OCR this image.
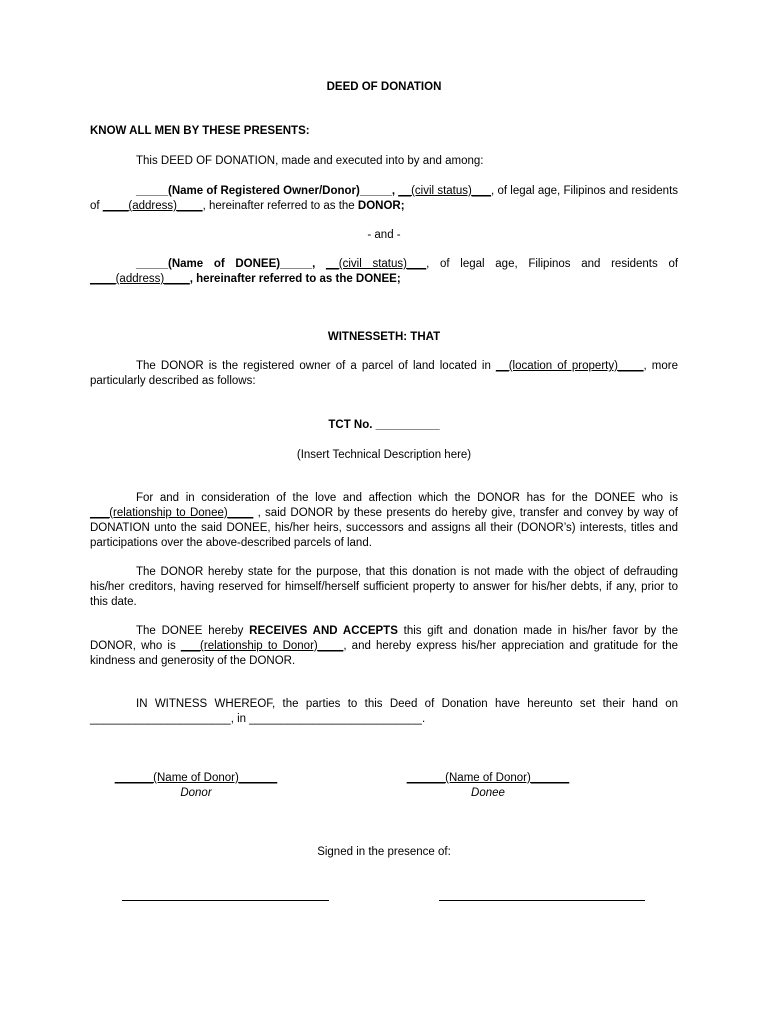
DEED OF DONATION
KNOW ALL MEN BY THESE PRESENTS:
This DEED OF DONATION, made and executed into by and among:
_____(Name of Registered Owner/Donor)_____, __(civil status)___, of legal age, Filipinos and residents of ____(address)____, hereinafter referred to as the DONOR;
- and -
_____(Name of DONEE)_____, __(civil status)___, of legal age, Filipinos and residents of ____(address)____, hereinafter referred to as the DONEE;
WITNESSETH: THAT
The DONOR is the registered owner of a parcel of land located in __(location of property)____, more particularly described as follows:
TCT No. __________
(Insert Technical Description here)
For and in consideration of the love and affection which the DONOR has for the DONEE who is ___(relationship to Donee)____ , said DONOR by these presents do hereby give, transfer and convey by way of DONATION unto the said DONEE, his/her heirs, successors and assigns all their (DONOR’s) interests, titles and participations over the above-described parcels of land.
The DONOR hereby state for the purpose, that this donation is not made with the object of defrauding his/her creditors, having reserved for himself/herself sufficient property to answer for his/her debts, if any, prior to this date.
The DONEE hereby RECEIVES AND ACCEPTS this gift and donation made in his/her favor by the DONOR, who is ___(relationship to Donor)____, and hereby express his/her appreciation and gratitude for the kindness and generosity of the DONOR.
IN WITNESS WHEREOF, the parties to this Deed of Donation have hereunto set their hand on ______________________, in ___________________________.
______(Name of Donor)______
Donor
______(Name of Donor)______
Donee
Signed in the presence of:
